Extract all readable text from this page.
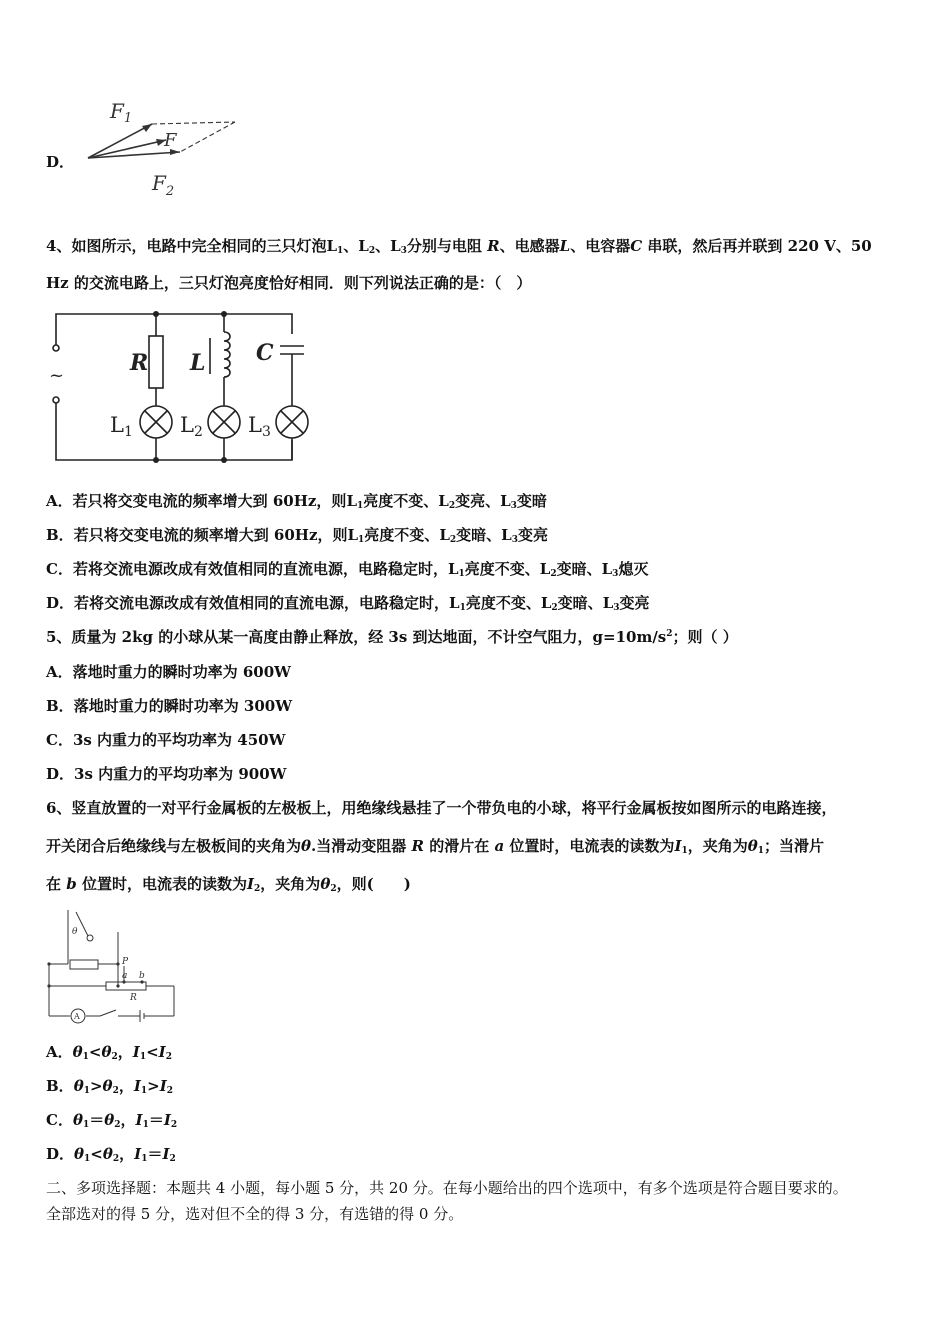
D．
$F_1$
F
$F_2$
4、如图所示，电路中完全相同的三只灯泡$L_1$、$L_2$、$L_3$分别与电阻 R、电感器L、电容器C 串联，然后再并联到 220 V、50
Hz 的交流电路上，三只灯泡亮度恰好相同．则下列说法正确的是：（　）
~	R L C
L1 L2 L3
A．若只将交变电流的频率增大到 60Hz，则$L_1$亮度不变、$L_2$变亮、$L_3$变暗
B．若只将交变电流的频率增大到 60Hz，则$L_1$亮度不变、$L_2$变暗、$L_3$变亮
C．若将交流电源改成有效值相同的直流电源，电路稳定时，$L_1$亮度不变、$L_2$变暗、$L_3$熄灭
D．若将交流电源改成有效值相同的直流电源，电路稳定时，$L_1$亮度不变、$L_2$变暗、$L_3$变亮
5、质量为 2kg 的小球从某一高度由静止释放，经 3s 到达地面，不计空气阻力，$g=10m/s^2$；则（ ）
A．落地时重力的瞬时功率为 600W
B．落地时重力的瞬时功率为 300W
C．3s 内重力的平均功率为 450W
D．3s 内重力的平均功率为 900W
6、竖直放置的一对平行金属板的左极板上，用绝缘线悬挂了一个带负电的小球，将平行金属板按如图所示的电路连接，
开关闭合后绝缘线与左极板间的夹角为θ.当滑动变阻器 R 的滑片在 a 位置时，电流表的读数为$I_1$，夹角为$\theta_1$；当滑片
在 b 位置时，电流表的读数为$I_2$，夹角为$\theta_2$，则(　　)
θ
P
a b
R
A
A．$\theta_1<\theta_2$，$I_1<I_2$
B．$\theta_1>\theta_2$，$I_1>I_2$
C．$\theta_1=\theta_2$，$I_1=I_2$
D．$\theta_1<\theta_2$，$I_1=I_2$
二、多项选择题：本题共 4 小题，每小题 5 分，共 20 分。在每小题给出的四个选项中，有多个选项是符合题目要求的。
全部选对的得 5 分，选对但不全的得 3 分，有选错的得 0 分。
